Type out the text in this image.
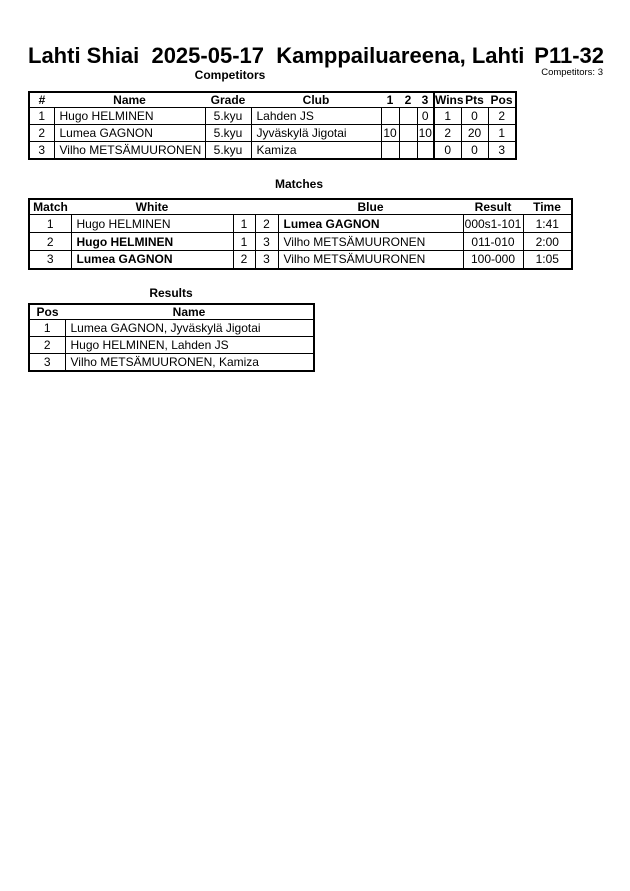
Lahti Shiai  2025-05-17  Kamppailuareena, Lahti P11-32
Competitors: 3
Competitors
#	Name	Grade	Club	1	2	3	Wins	Pts	Pos
1	Hugo HELMINEN	5.kyu	Lahden JS			0	1	0	2
2	Lumea GAGNON	5.kyu	Jyväskylä Jigotai	10		10	2	20	1
3	Vilho METSÄMUURONEN	5.kyu	Kamiza				0	0	3
Matches
Match	White			Blue	Result	Time
1	Hugo HELMINEN	1	2	Lumea GAGNON	000s1-101	1:41
2	Hugo HELMINEN	1	3	Vilho METSÄMUURONEN	011-010	2:00
3	Lumea GAGNON	2	3	Vilho METSÄMUURONEN	100-000	1:05
Results
Pos	Name
1	Lumea GAGNON, Jyväskylä Jigotai
2	Hugo HELMINEN, Lahden JS
3	Vilho METSÄMUURONEN, Kamiza
